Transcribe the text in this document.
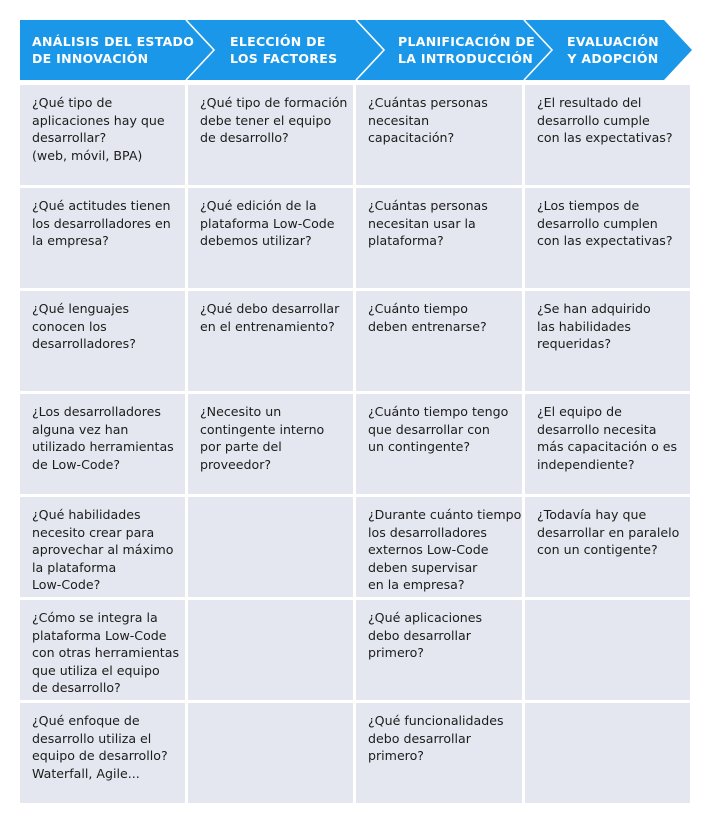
ANÁLISIS DEL ESTADO
DE INNOVACIÓN
ELECCIÓN DE
LOS FACTORES
PLANIFICACIÓN DE
LA INTRODUCCIÓN
EVALUACIÓN
Y ADOPCIÓN
¿Qué tipo de
aplicaciones hay que
desarrollar?
(web, móvil, BPA)
¿Qué actitudes tienen
los desarrolladores en
la empresa?
¿Qué lenguajes
conocen los
desarrolladores?
¿Los desarrolladores
alguna vez han
utilizado herramientas
de Low-Code?
¿Qué habilidades
necesito crear para
aprovechar al máximo
la plataforma
Low-Code?
¿Cómo se integra la
plataforma Low-Code
con otras herramientas
que utiliza el equipo
de desarrollo?
¿Qué enfoque de
desarrollo utiliza el
equipo de desarrollo?
Waterfall, Agile...
¿Qué tipo de formación
debe tener el equipo
de desarrollo?
¿Qué edición de la
plataforma Low-Code
debemos utilizar?
¿Qué debo desarrollar
en el entrenamiento?
¿Necesito un
contingente interno
por parte del
proveedor?
¿Cuántas personas
necesitan
capacitación?
¿Cuántas personas
necesitan usar la
plataforma?
¿Cuánto tiempo
deben entrenarse?
¿Cuánto tiempo tengo
que desarrollar con
un contingente?
¿Durante cuánto tiempo
los desarrolladores
externos Low-Code
deben supervisar
en la empresa?
¿Qué aplicaciones
debo desarrollar
primero?
¿Qué funcionalidades
debo desarrollar
primero?
¿El resultado del
desarrollo cumple
con las expectativas?
¿Los tiempos de
desarrollo cumplen
con las expectativas?
¿Se han adquirido
las habilidades
requeridas?
¿El equipo de
desarrollo necesita
más capacitación o es
independiente?
¿Todavía hay que
desarrollar en paralelo
con un contigente?
